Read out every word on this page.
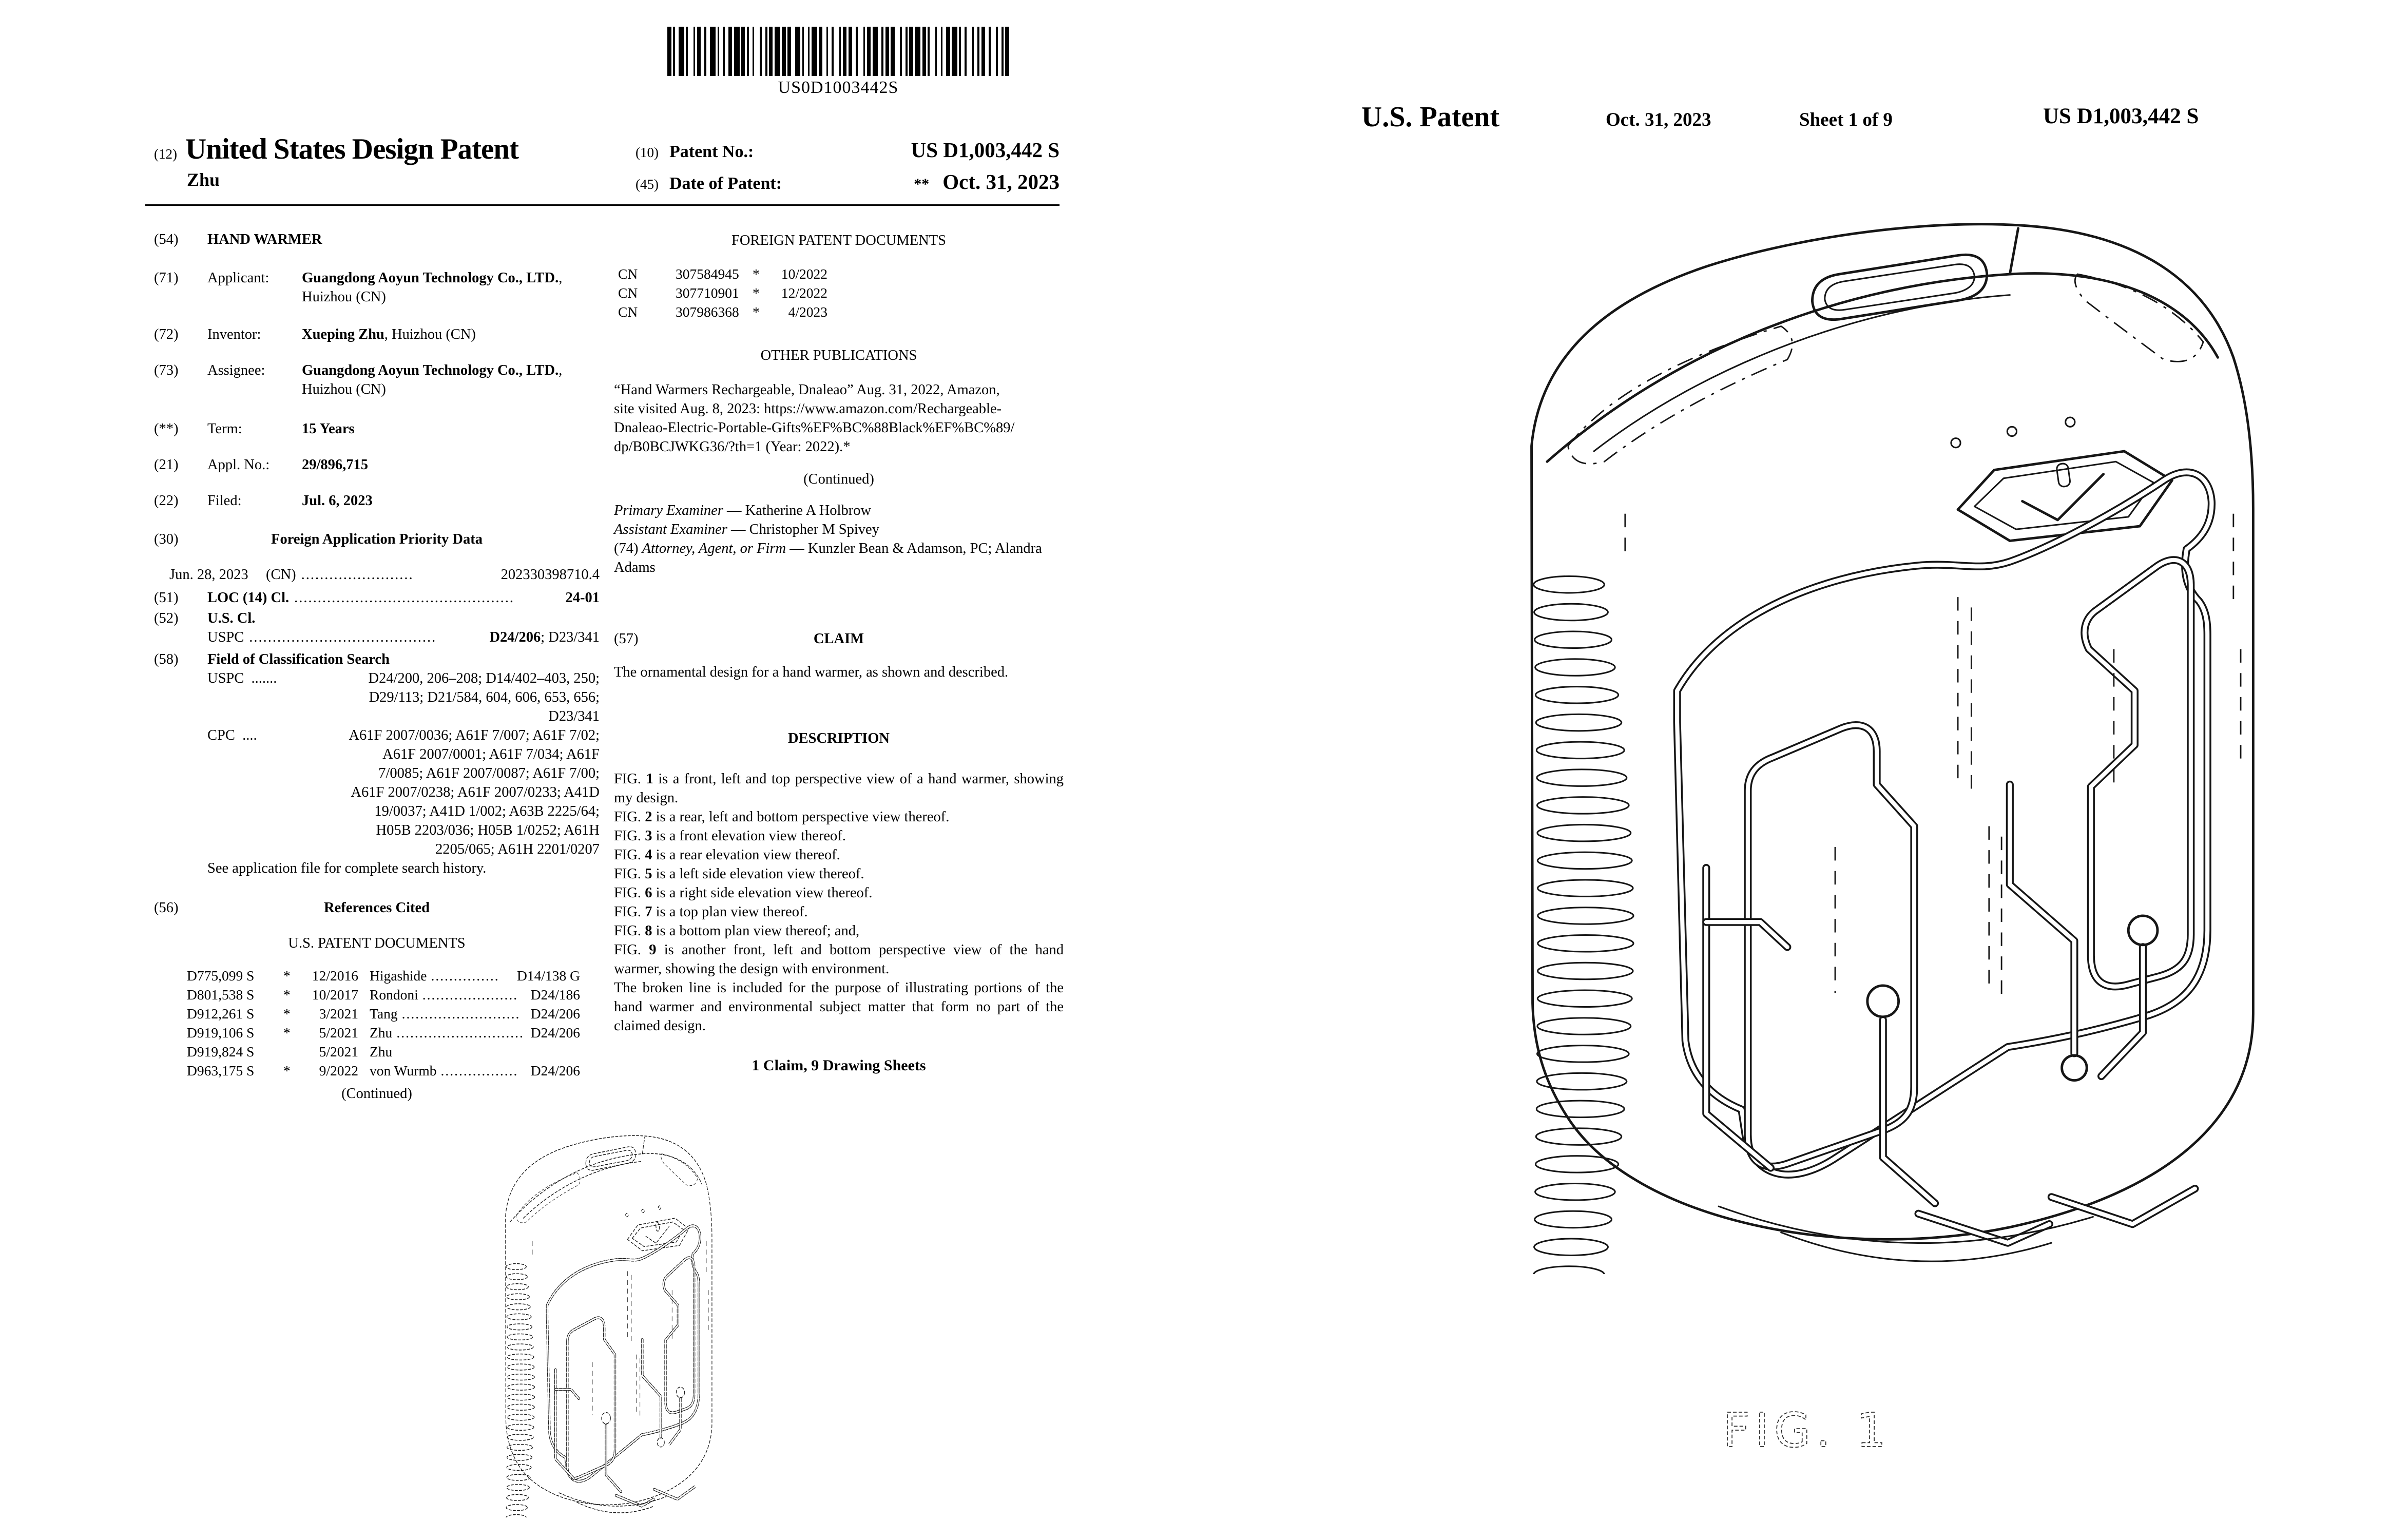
US0D1003442S
(12) United States Design Patent
Zhu
(10) Patent No.:	US D1,003,442 S
(45) Date of Patent:	** Oct. 31, 2023
(54) HAND WARMER
(71) Applicant: Guangdong Aoyun Technology Co., LTD., Huizhou (CN)
(72) Inventor:	Xueping Zhu, Huizhou (CN)
(73) Assignee:	Guangdong Aoyun Technology Co., LTD., Huizhou (CN)
(**) Term:	15 Years
(21) Appl. No.: 29/896,715
(22) Filed:	Jul. 6, 2023
(30)	Foreign Application Priority Data
Jun. 28, 2023	(CN) ........................	202330398710.4
(51) LOC (14) Cl. ...............................................	24-01
(52) U.S. Cl.
USPC ........................................	D24/206; D23/341
(58) Field of Classification Search
USPC  .......	D24/200, 206–208; D14/402–403, 250;
D29/113; D21/584, 604, 606, 653, 656;
D23/341
CPC  ....	A61F 2007/0036; A61F 7/007; A61F 7/02;
A61F 2007/0001; A61F 7/034; A61F
7/0085; A61F 2007/0087; A61F 7/00;
A61F 2007/0238; A61F 2007/0233; A41D
19/0037; A41D 1/002; A63B 2225/64;
H05B 2203/036; H05B 1/0252; A61H
2205/065; A61H 2201/0207
See application file for complete search history.
(56)	References Cited
U.S. PATENT DOCUMENTS
D775,099 S	*	12/2016 Higashide ...............	D14/138 G
D801,538 S	*	10/2017 Rondoni ..................... D24/186
D912,261 S	*	3/2021 Tang .......................... D24/206
D919,106 S	*	5/2021 Zhu ............................ D24/206
D919,824 S	5/2021 Zhu
D963,175 S	*	9/2022 von Wurmb ................. D24/206
(Continued)
FOREIGN PATENT DOCUMENTS
CN	307584945 *	10/2022
CN	307710901 *	12/2022
CN	307986368 *	4/2023
OTHER PUBLICATIONS
“Hand Warmers Rechargeable, Dnaleao” Aug. 31, 2022, Amazon,
site visited Aug. 8, 2023: https://www.amazon.com/Rechargeable-
Dnaleao-Electric-Portable-Gifts%EF%BC%88Black%EF%BC%89/
dp/B0BCJWKG36/?th=1 (Year: 2022).*
(Continued)
Primary Examiner — Katherine A Holbrow
Assistant Examiner — Christopher M Spivey
(74) Attorney, Agent, or Firm — Kunzler Bean & Adamson, PC; Alandra Adams
(57)	CLAIM

The ornamental design for a hand warmer, as shown and described.

DESCRIPTION

FIG. 1 is a front, left and top perspective view of a hand warmer, showing my design.

FIG. 2 is a rear, left and bottom perspective view thereof.

FIG. 3 is a front elevation view thereof.

FIG. 4 is a rear elevation view thereof.

FIG. 5 is a left side elevation view thereof.

FIG. 6 is a right side elevation view thereof.

FIG. 7 is a top plan view thereof.

FIG. 8 is a bottom plan view thereof; and,

FIG. 9 is another front, left and bottom perspective view of the hand warmer, showing the design with environment.

The broken line is included for the purpose of illustrating portions of the hand warmer and environmental subject matter that form no part of the claimed design.

1 Claim, 9 Drawing Sheets
U.S. Patent	Oct. 31, 2023	Sheet 1 of 9	US D1,003,442 S
FIG. 1
